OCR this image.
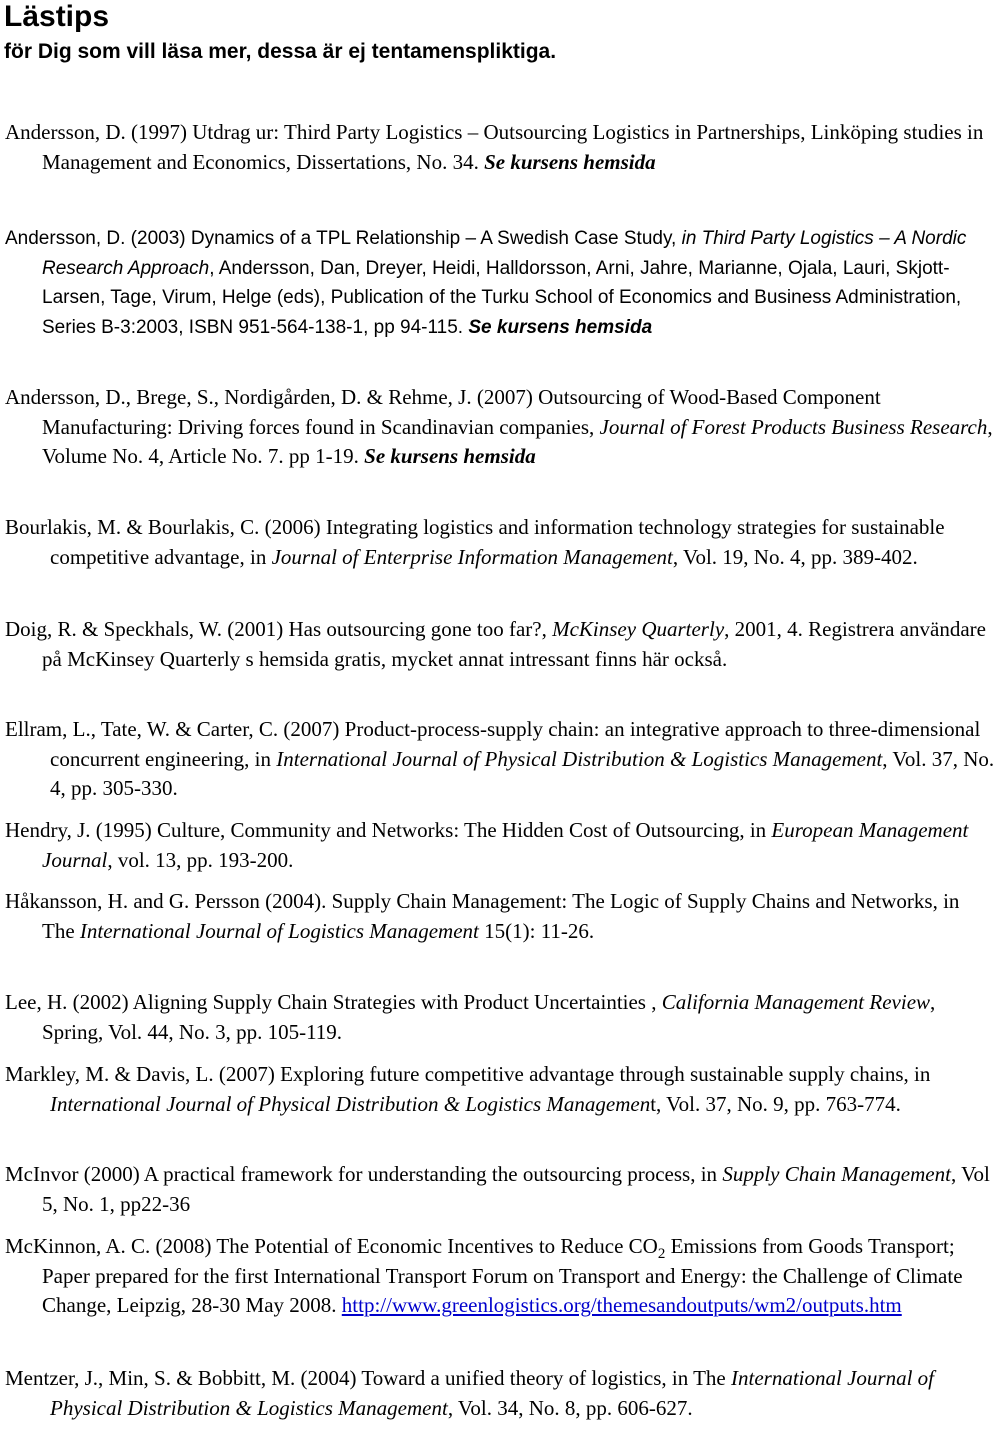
Lästips

för Dig som vill läsa mer, dessa är ej tentamenspliktiga.

Andersson, D. (1997) Utdrag ur: Third Party Logistics – Outsourcing Logistics in Partnerships, Linköping studies in Management and Economics, Dissertations, No. 34. Se kursens hemsida

Andersson, D. (2003) Dynamics of a TPL Relationship – A Swedish Case Study, in Third Party Logistics – A Nordic Research Approach, Andersson, Dan, Dreyer, Heidi, Halldorsson, Arni, Jahre, Marianne, Ojala, Lauri, Skjott-Larsen, Tage, Virum, Helge (eds), Publication of the Turku School of Economics and Business Administration, Series B-3:2003, ISBN 951-564-138-1, pp 94-115. Se kursens hemsida

Andersson, D., Brege, S., Nordigården, D. & Rehme, J. (2007) Outsourcing of Wood-Based Component Manufacturing: Driving forces found in Scandinavian companies, Journal of Forest Products Business Research, Volume No. 4, Article No. 7. pp 1-19. Se kursens hemsida

Bourlakis, M. & Bourlakis, C. (2006) Integrating logistics and information technology strategies for sustainable competitive advantage, in Journal of Enterprise Information Management, Vol. 19, No. 4, pp. 389-402.

Doig, R. & Speckhals, W. (2001) Has outsourcing gone too far?, McKinsey Quarterly, 2001, 4. Registrera användare på McKinsey Quarterly s hemsida gratis, mycket annat intressant finns här också.

Ellram, L., Tate, W. & Carter, C. (2007) Product-process-supply chain: an integrative approach to three-dimensional concurrent engineering, in International Journal of Physical Distribution & Logistics Management, Vol. 37, No. 4, pp. 305-330.

Hendry, J. (1995) Culture, Community and Networks: The Hidden Cost of Outsourcing, in European Management Journal, vol. 13, pp. 193-200.

Håkansson, H. and G. Persson (2004). Supply Chain Management: The Logic of Supply Chains and Networks, in The International Journal of Logistics Management 15(1): 11-26.

Lee, H. (2002) Aligning Supply Chain Strategies with Product Uncertainties , California Management Review, Spring, Vol. 44, No. 3, pp. 105-119.

Markley, M. & Davis, L. (2007) Exploring future competitive advantage through sustainable supply chains, in International Journal of Physical Distribution & Logistics Management, Vol. 37, No. 9, pp. 763-774.

McInvor (2000) A practical framework for understanding the outsourcing process, in Supply Chain Management, Vol 5, No. 1, pp22-36

McKinnon, A. C. (2008) The Potential of Economic Incentives to Reduce $CO_2$ Emissions from Goods Transport; Paper prepared for the first International Transport Forum on Transport and Energy: the Challenge of Climate Change, Leipzig, 28-30 May 2008. http://www.greenlogistics.org/themesandoutputs/wm2/outputs.htm

Mentzer, J., Min, S. & Bobbitt, M. (2004) Toward a unified theory of logistics, in The International Journal of Physical Distribution & Logistics Management, Vol. 34, No. 8, pp. 606-627.
